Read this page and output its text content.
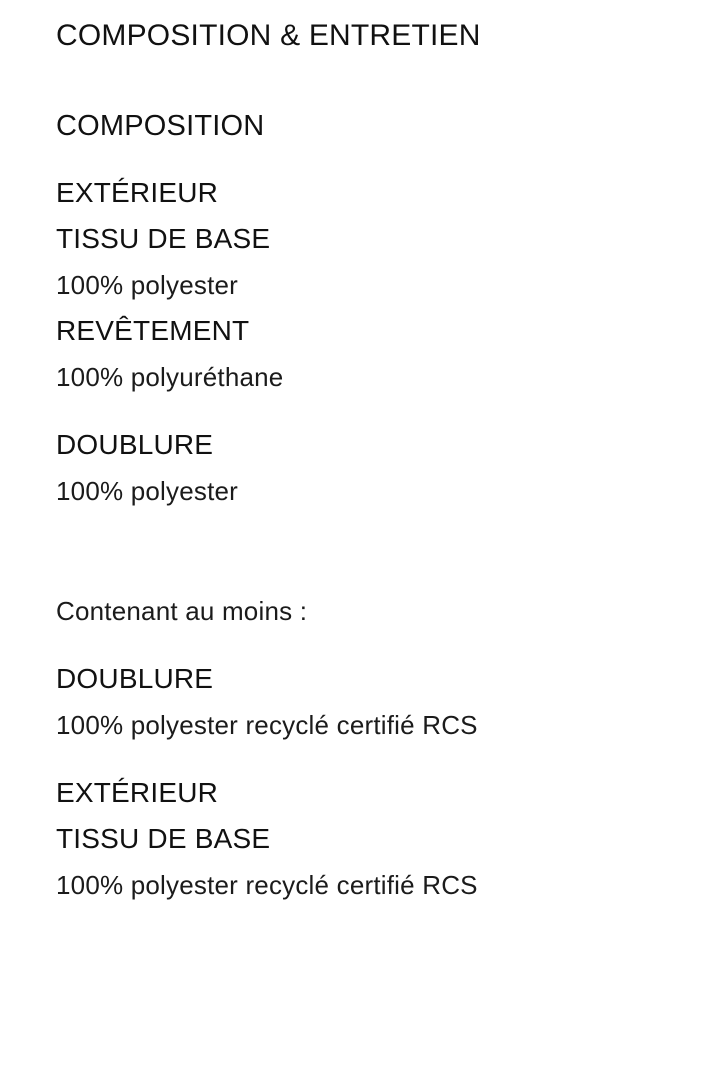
COMPOSITION & ENTRETIEN
COMPOSITION
EXTÉRIEUR
TISSU DE BASE
100% polyester
REVÊTEMENT
100% polyuréthane
DOUBLURE
100% polyester
Contenant au moins :
DOUBLURE
100% polyester recyclé certifié RCS
EXTÉRIEUR
TISSU DE BASE
100% polyester recyclé certifié RCS
